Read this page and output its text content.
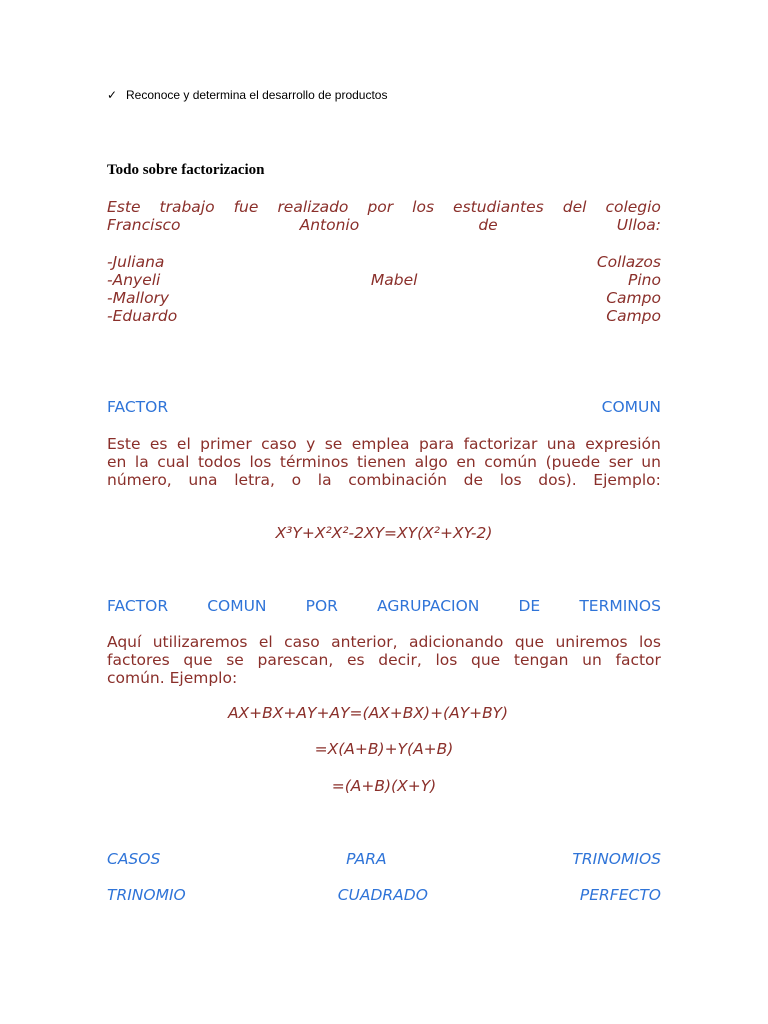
✓ Reconoce y determina el desarrollo de productos
Todo sobre factorizacion
Este trabajo fue realizado por los estudiantes del colegio
Francisco	Antonio	de	Ulloa:
-Juliana	Collazos
-Anyeli	Mabel	Pino
-Mallory	Campo
-Eduardo	Campo
FACTOR	COMUN
Este es el primer caso y se emplea para factorizar una expresión
en la cual todos los términos tienen algo en común (puede ser un
número, una letra, o la combinación de los dos). Ejemplo:
X³Y+X²X²-2XY=XY(X²+XY-2)
FACTOR	COMUN	POR	AGRUPACION	DE	TERMINOS
Aquí utilizaremos el caso anterior, adicionando que uniremos los
factores que se parescan, es decir, los que tengan un factor
común. Ejemplo:
AX+BX+AY+AY=(AX+BX)+(AY+BY)
=X(A+B)+Y(A+B)
=(A+B)(X+Y)
CASOS	PARA	TRINOMIOS
TRINOMIO	CUADRADO	PERFECTO
